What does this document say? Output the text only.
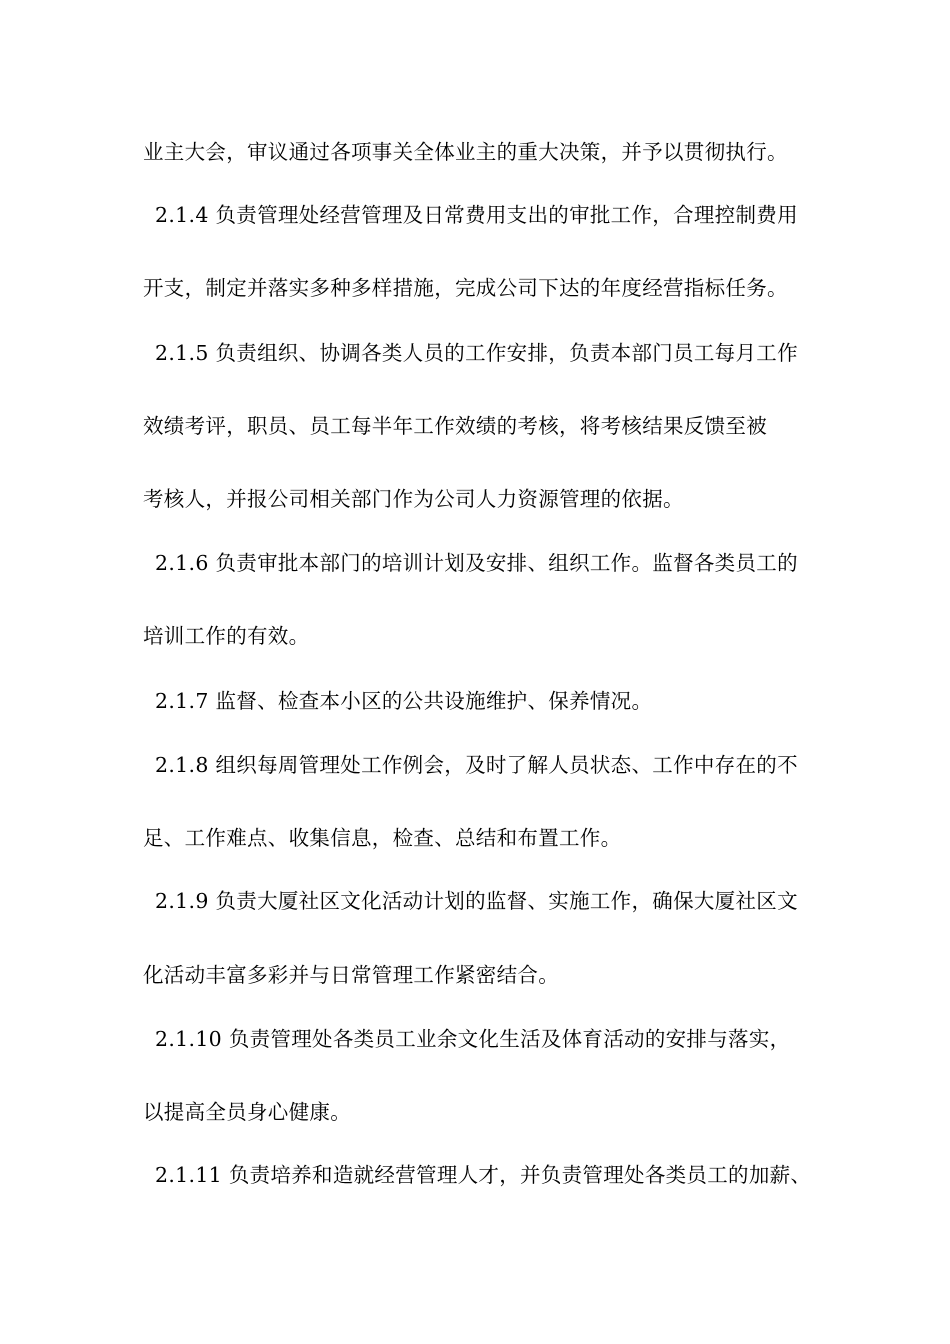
业主大会，审议通过各项事关全体业主的重大决策，并予以贯彻执行。
2.1.4 负责管理处经营管理及日常费用支出的审批工作，合理控制费用
开支，制定并落实多种多样措施，完成公司下达的年度经营指标任务。
2.1.5 负责组织、协调各类人员的工作安排，负责本部门员工每月工作
效绩考评，职员、员工每半年工作效绩的考核，将考核结果反馈至被
考核人，并报公司相关部门作为公司人力资源管理的依据。
2.1.6 负责审批本部门的培训计划及安排、组织工作。监督各类员工的
培训工作的有效。
2.1.7 监督、检查本小区的公共设施维护、保养情况。
2.1.8 组织每周管理处工作例会，及时了解人员状态、工作中存在的不
足、工作难点、收集信息，检查、总结和布置工作。
2.1.9 负责大厦社区文化活动计划的监督、实施工作，确保大厦社区文
化活动丰富多彩并与日常管理工作紧密结合。
2.1.10 负责管理处各类员工业余文化生活及体育活动的安排与落实，
以提高全员身心健康。
2.1.11 负责培养和造就经营管理人才，并负责管理处各类员工的加薪、
